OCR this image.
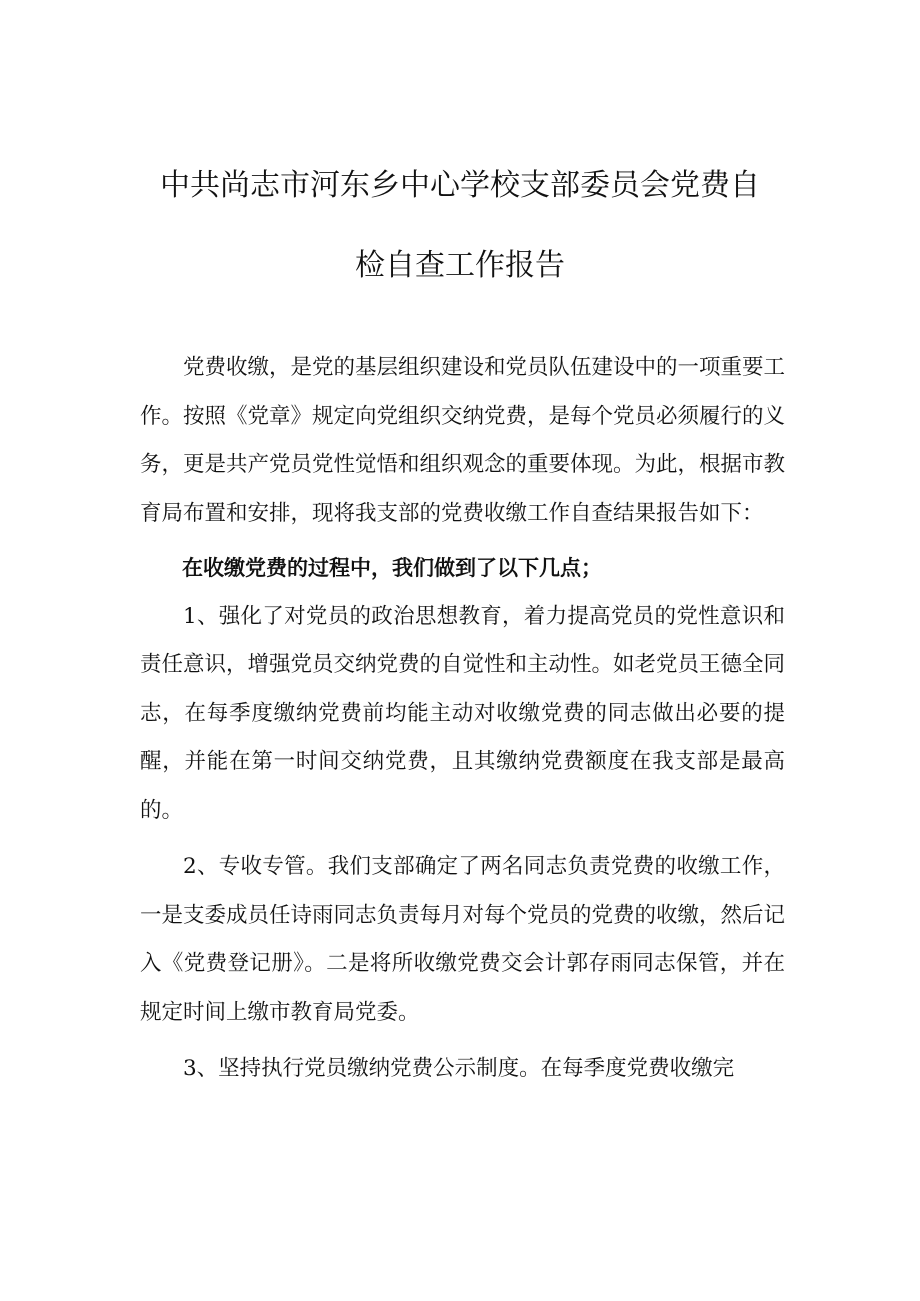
中共尚志市河东乡中心学校支部委员会党费自
检自查工作报告

党费收缴，是党的基层组织建设和党员队伍建设中的一项重要工作。按照《党章》规定向党组织交纳党费，是每个党员必须履行的义务，更是共产党员党性觉悟和组织观念的重要体现。为此，根据市教育局布置和安排，现将我支部的党费收缴工作自查结果报告如下：

在收缴党费的过程中，我们做到了以下几点；

1、强化了对党员的政治思想教育，着力提高党员的党性意识和责任意识，增强党员交纳党费的自觉性和主动性。如老党员王德全同志，在每季度缴纳党费前均能主动对收缴党费的同志做出必要的提醒，并能在第一时间交纳党费，且其缴纳党费额度在我支部是最高的。

2、专收专管。我们支部确定了两名同志负责党费的收缴工作，一是支委成员任诗雨同志负责每月对每个党员的党费的收缴，然后记入《党费登记册》。二是将所收缴党费交会计郭存雨同志保管，并在规定时间上缴市教育局党委。

3、坚持执行党员缴纳党费公示制度。在每季度党费收缴完
